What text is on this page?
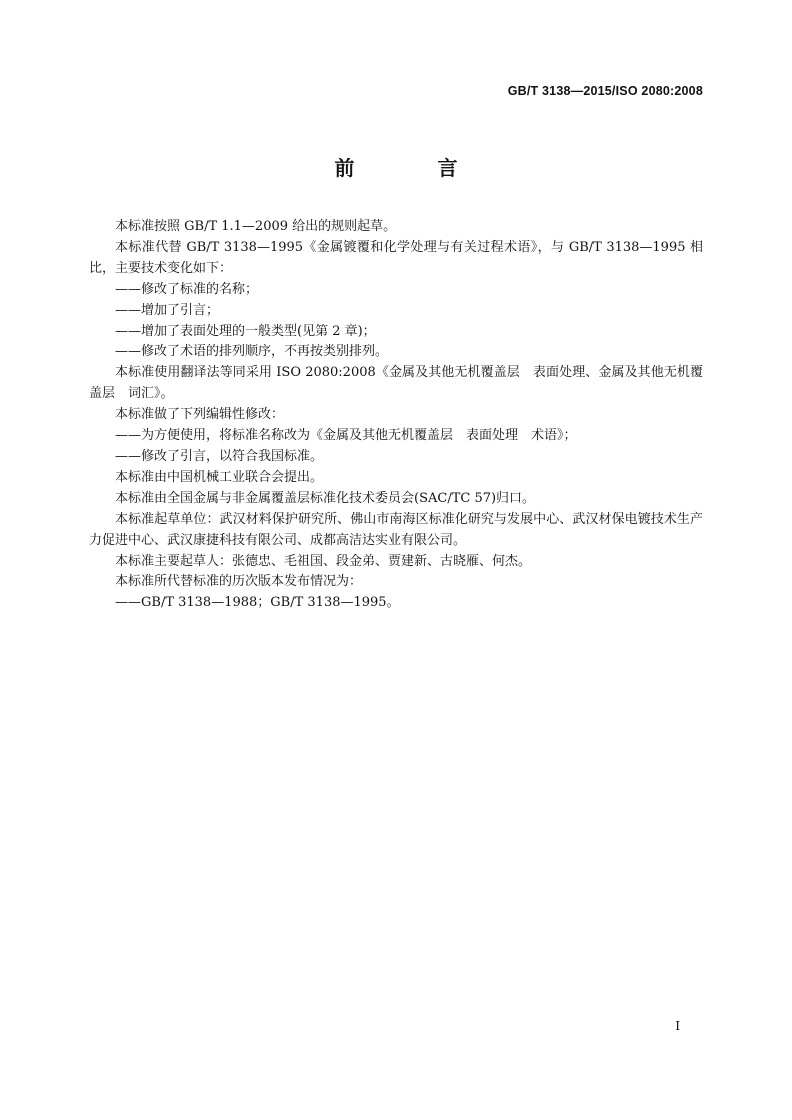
GB/T 3138—2015/ISO 2080:2008
前 言

本标准按照 GB/T 1.1—2009 给出的规则起草。

本标准代替 GB/T 3138—1995《金属镀覆和化学处理与有关过程术语》，与 GB/T 3138—1995 相比，主要技术变化如下：

——修改了标准的名称；

——增加了引言；

——增加了表面处理的一般类型(见第 2 章)；

——修改了术语的排列顺序，不再按类别排列。

本标准使用翻译法等同采用 ISO 2080:2008《金属及其他无机覆盖层　表面处理、金属及其他无机覆盖层　词汇》。

本标准做了下列编辑性修改：

——为方便使用，将标准名称改为《金属及其他无机覆盖层　表面处理　术语》；

——修改了引言，以符合我国标准。

本标准由中国机械工业联合会提出。

本标准由全国金属与非金属覆盖层标准化技术委员会(SAC/TC 57)归口。

本标准起草单位：武汉材料保护研究所、佛山市南海区标准化研究与发展中心、武汉材保电镀技术生产力促进中心、武汉康捷科技有限公司、成都高洁达实业有限公司。

本标准主要起草人：张德忠、毛祖国、段金弟、贾建新、古晓雁、何杰。

本标准所代替标准的历次版本发布情况为：

——GB/T 3138—1988；GB/T 3138—1995。

I
